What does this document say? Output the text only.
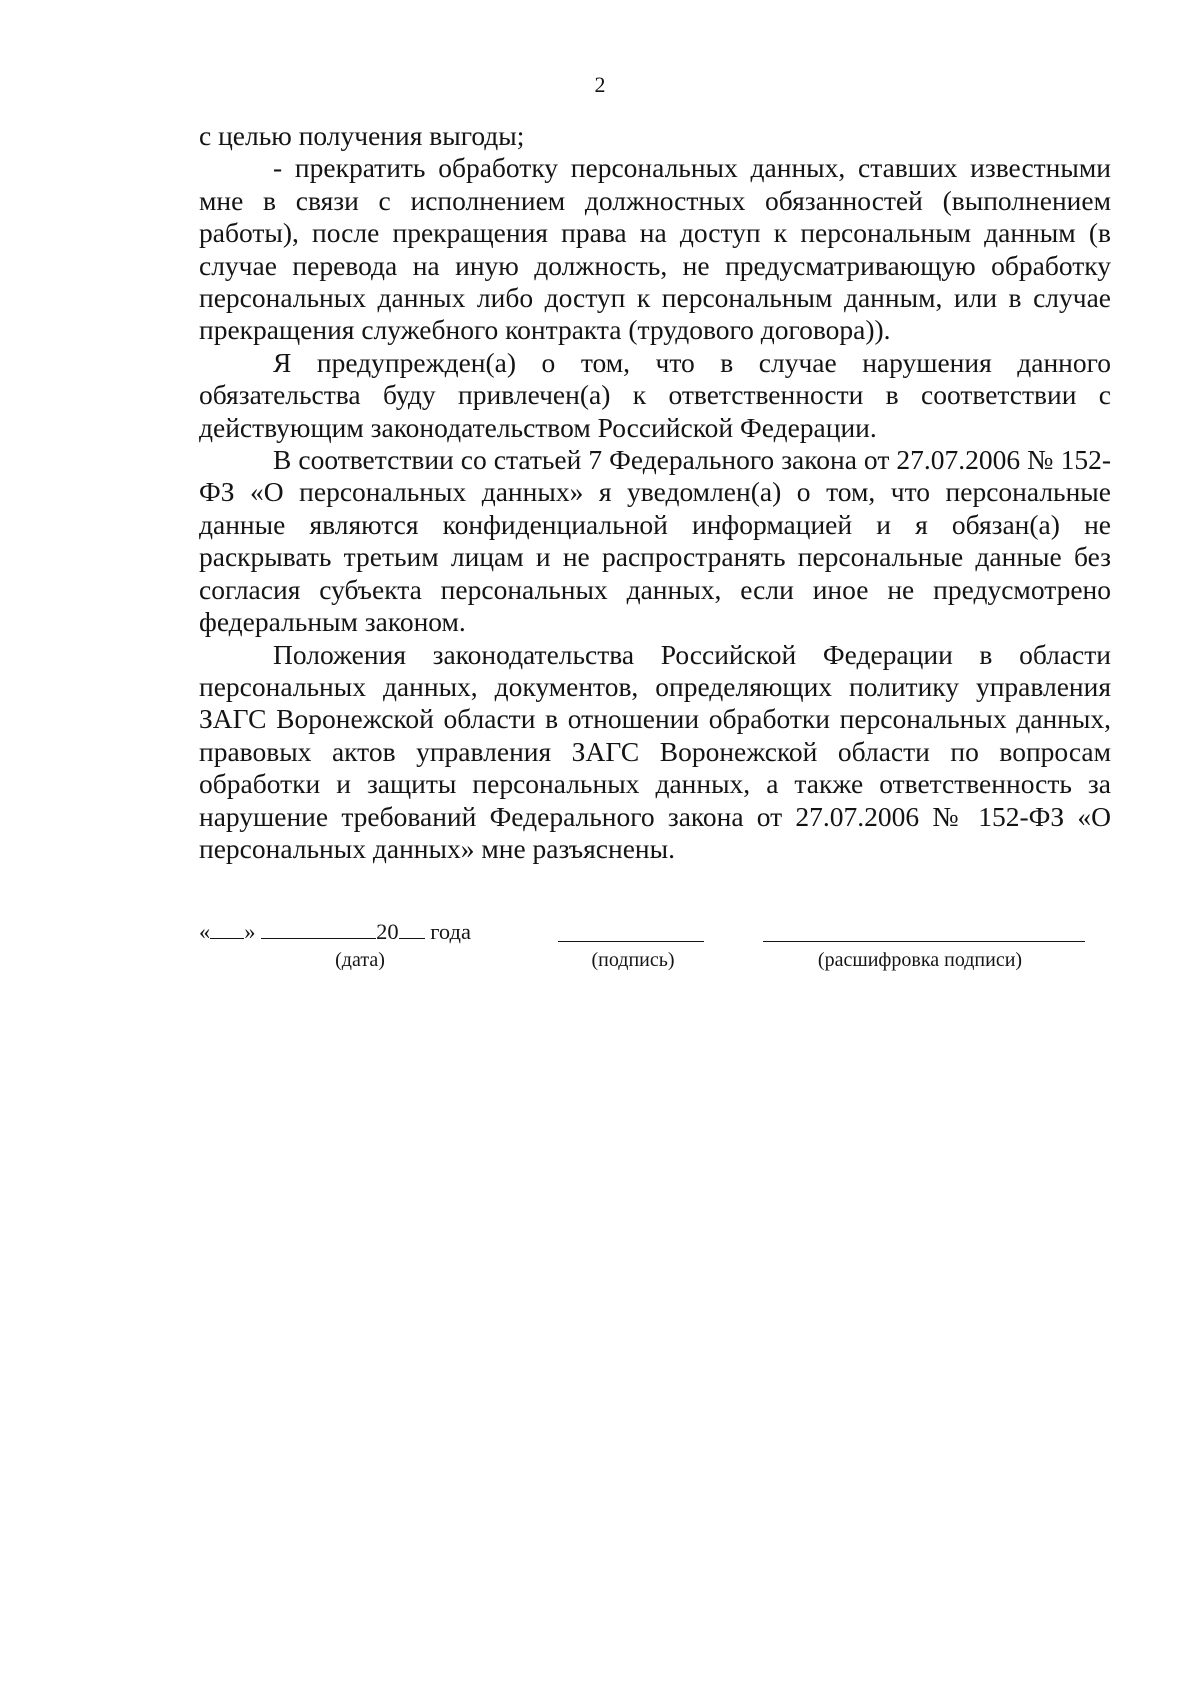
2

с целью получения выгоды;

- прекратить обработку персональных данных, ставших известными мне в связи с исполнением должностных обязанностей (выполнением работы), после прекращения права на доступ к персональным данным (в случае перевода на иную должность, не предусматривающую обработку персональных данных либо доступ к персональным данным, или в случае прекращения служебного контракта (трудового договора)).

Я предупрежден(а) о том, что в случае нарушения данного обязательства буду привлечен(а) к ответственности в соответствии с действующим законодательством Российской Федерации.

В соответствии со статьей 7 Федерального закона от 27.07.2006 № 152-ФЗ «О персональных данных» я уведомлен(а) о том, что персональные данные являются конфиденциальной информацией и я обязан(а) не раскрывать третьим лицам и не распространять персональные данные без согласия субъекта персональных данных, если иное не предусмотрено федеральным законом.

Положения законодательства Российской Федерации в области персональных данных, документов, определяющих политику управления ЗАГС Воронежской области в отношении обработки персональных данных, правовых актов управления ЗАГС Воронежской области по вопросам обработки и защиты персональных данных, а также ответственность за нарушение требований Федерального закона от 27.07.2006 № 152-ФЗ «О персональных данных» мне разъяснены.

« »	20 года
(дата)	(подпись)	(расшифровка подписи)
